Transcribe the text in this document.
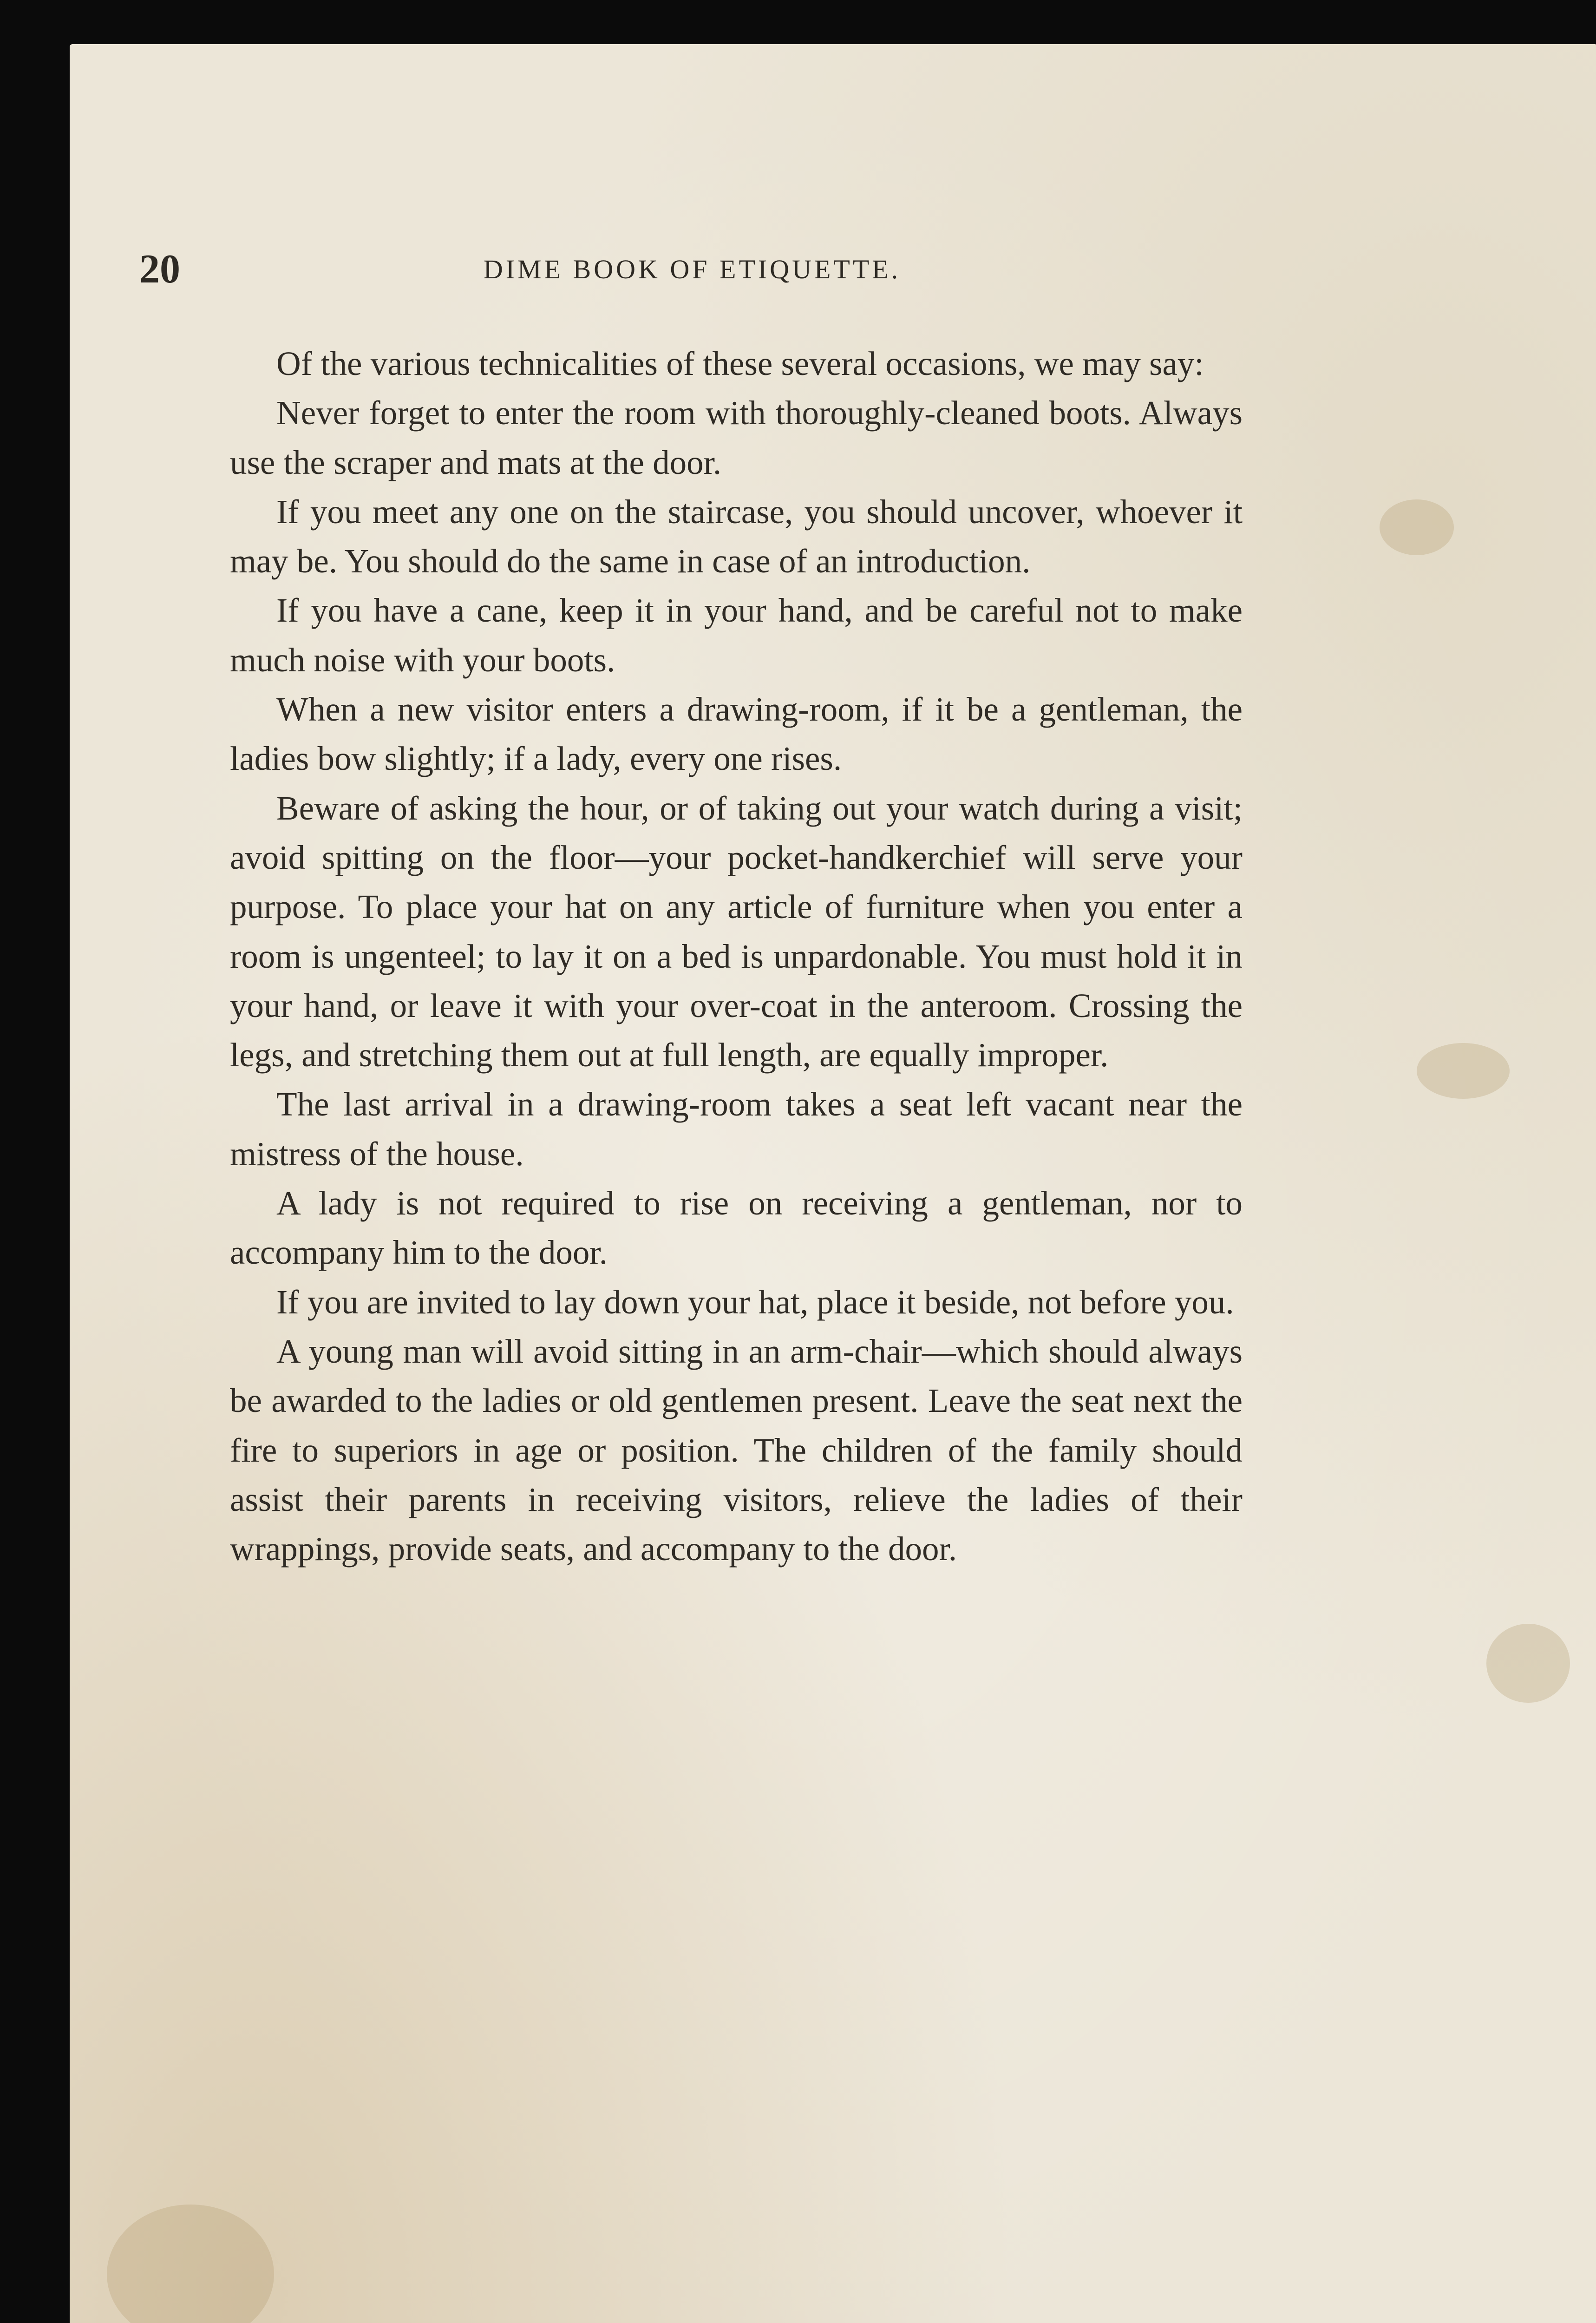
20	DIME BOOK OF ETIQUETTE.

Of the various technicalities of these several occasions, we may say:

Never forget to enter the room with thoroughly-cleaned boots. Always use the scraper and mats at the door.

If you meet any one on the staircase, you should uncover, whoever it may be. You should do the same in case of an introduction.

If you have a cane, keep it in your hand, and be careful not to make much noise with your boots.

When a new visitor enters a drawing-room, if it be a gentleman, the ladies bow slightly; if a lady, every one rises.

Beware of asking the hour, or of taking out your watch during a visit; avoid spitting on the floor—your pocket-handkerchief will serve your purpose. To place your hat on any article of furniture when you enter a room is ungenteel; to lay it on a bed is unpardonable. You must hold it in your hand, or leave it with your over-coat in the anteroom. Crossing the legs, and stretching them out at full length, are equally improper.

The last arrival in a drawing-room takes a seat left vacant near the mistress of the house.

A lady is not required to rise on receiving a gentleman, nor to accompany him to the door.

If you are invited to lay down your hat, place it beside, not before you.

A young man will avoid sitting in an arm-chair—which should always be awarded to the ladies or old gentlemen present. Leave the seat next the fire to superiors in age or position. The children of the family should assist their parents in receiving visitors, relieve the ladies of their wrappings, provide seats, and accompany to the door.
